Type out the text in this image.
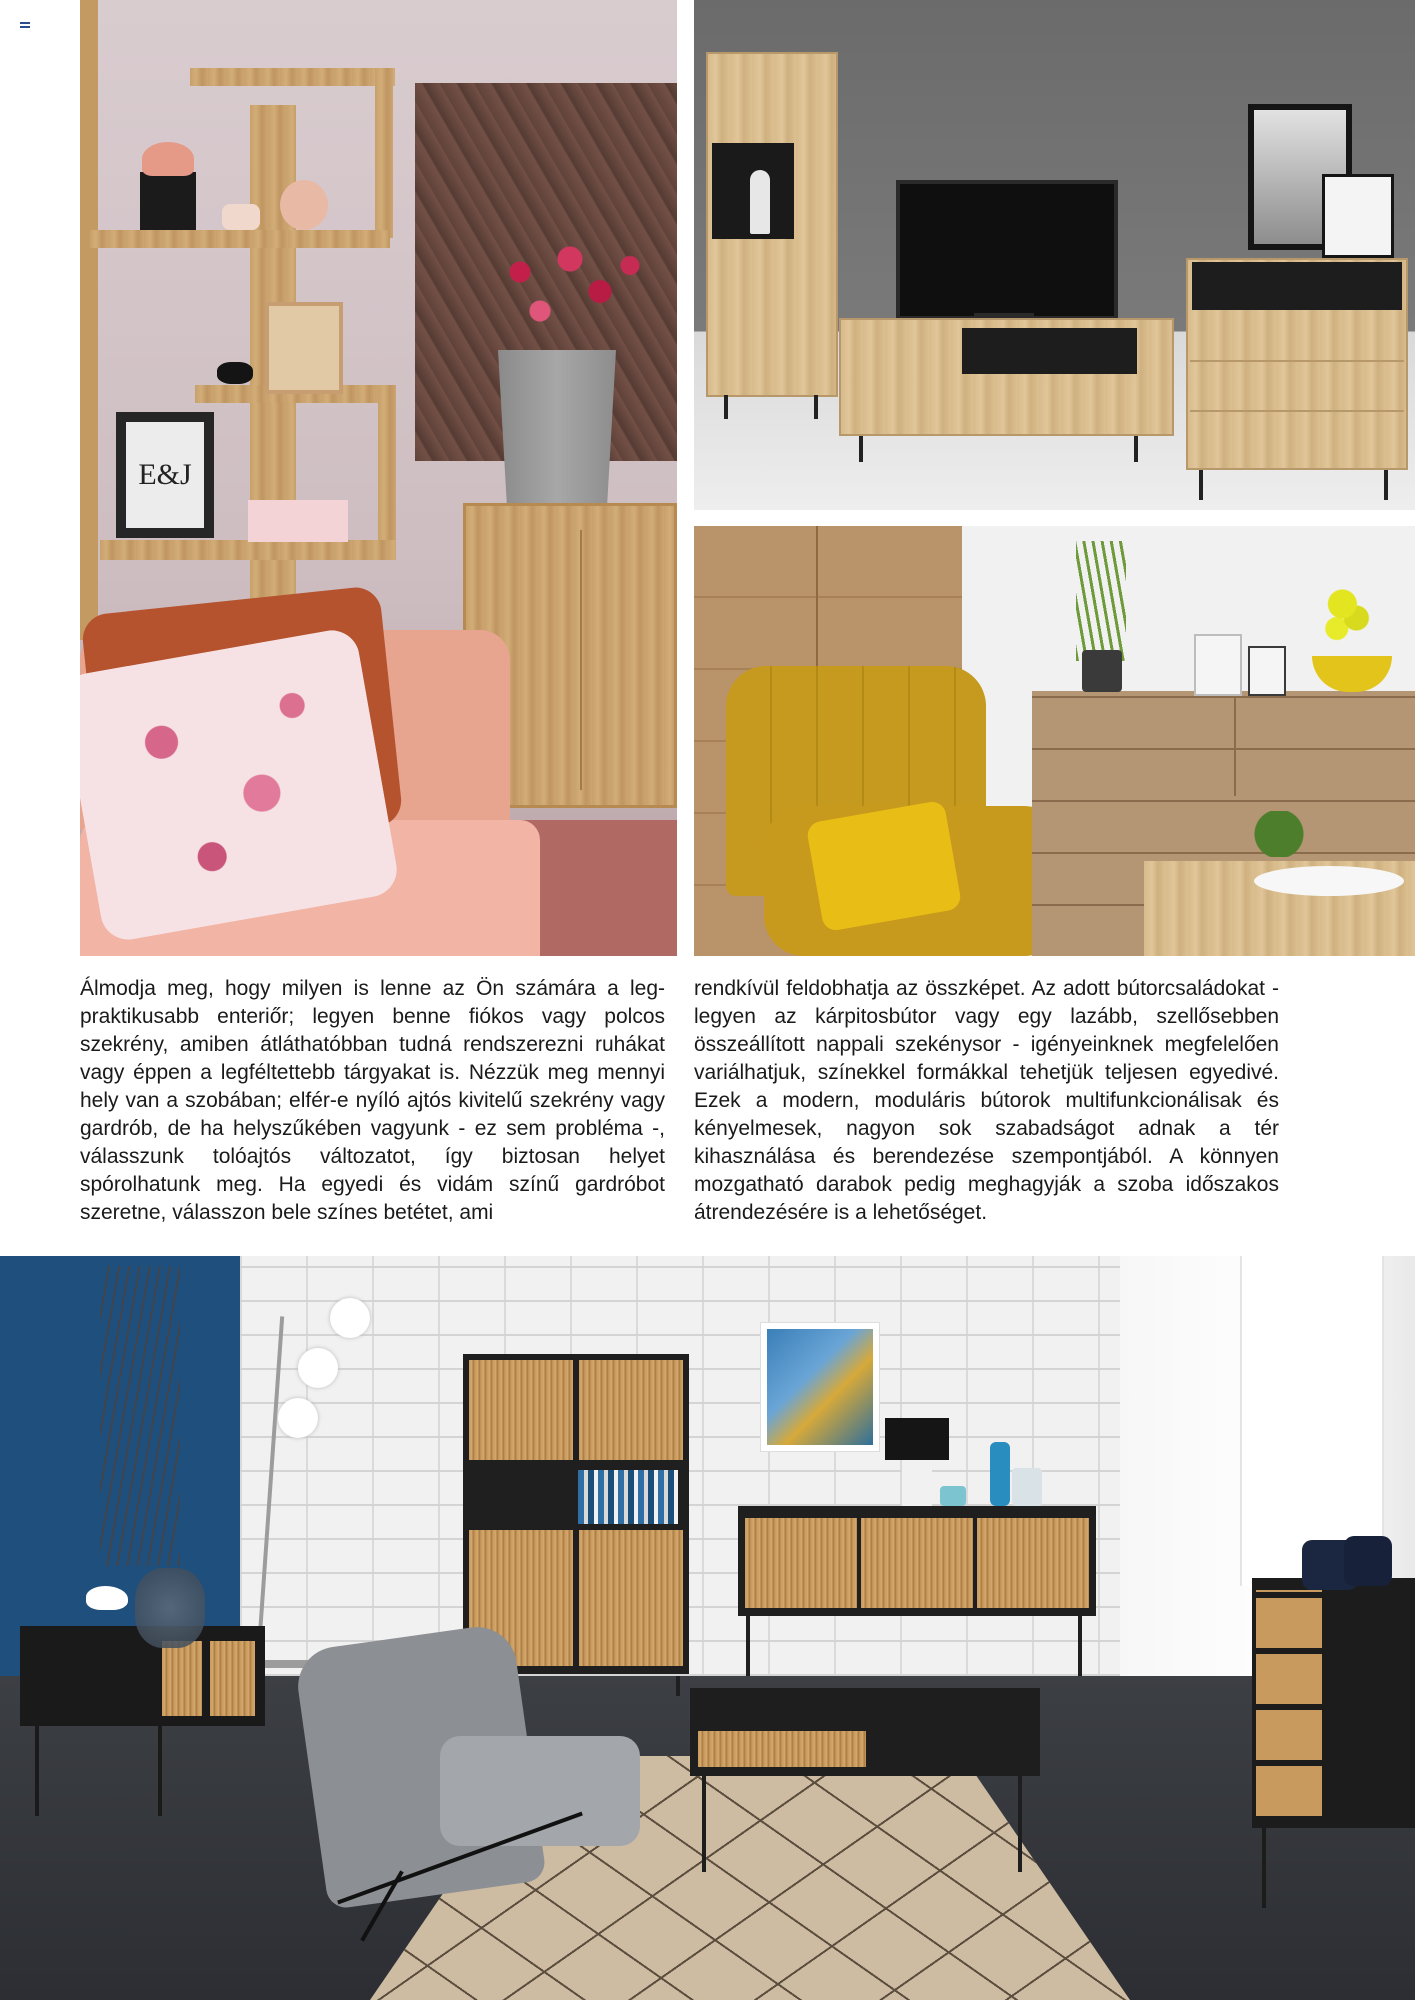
E&J
Álmodja meg, hogy milyen is lenne az Ön számára a legpraktikusabb enteriőr; legyen benne fiókos vagy polcos szekrény, amiben átláthatóbban tudná rendszerezni ruhákat vagy éppen a legféltettebb tárgyakat is. Nézzük meg mennyi hely van a szobában; elfér-e nyíló ajtós kivitelű szekrény vagy gardrób, de ha helyszűkében vagyunk - ez sem probléma -, válasszunk tolóajtós változatot, így biztosan helyet spórolhatunk meg. Ha egyedi és vidám színű gardróbot szeretne, válasszon bele színes betétet, ami
rendkívül feldobhatja az összképet. Az adott bútorcsaládokat - legyen az kárpitosbútor vagy egy lazább, szellősebben összeállított nappali szekénysor - igényeinknek megfelelően variálhatjuk, színekkel formákkal tehetjük teljesen egyedivé. Ezek a modern, moduláris bútorok multifunkcionálisak és kényelmesek, nagyon sok szabadságot adnak a tér kihasználása és berendezése szempontjából. A könnyen mozgatható darabok pedig meghagyják a szoba időszakos átrendezésére is a lehetőséget.
